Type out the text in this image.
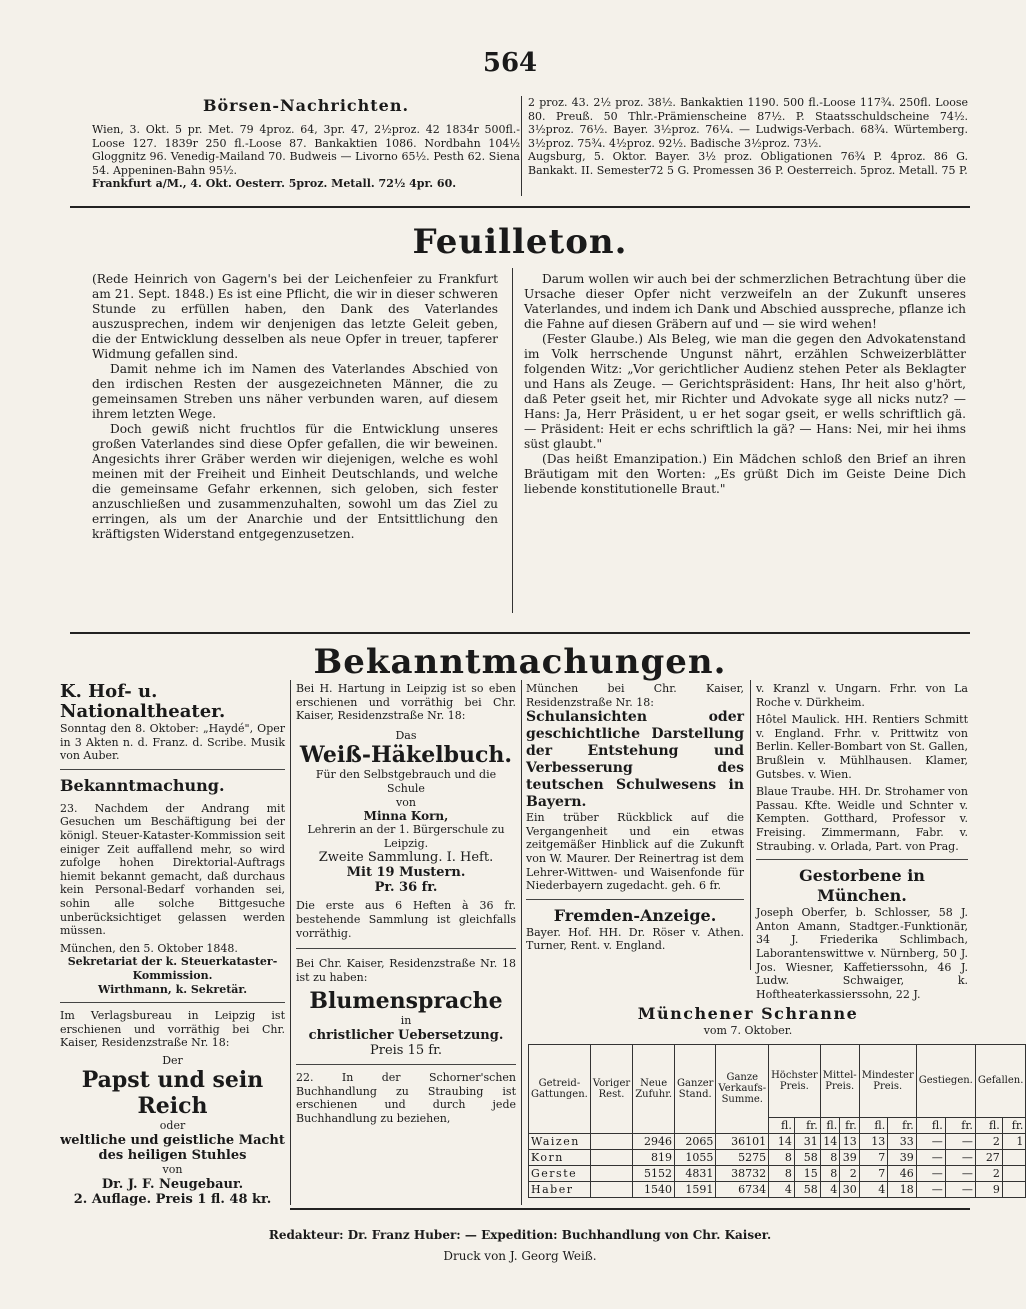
564
Börsen-Nachrichten.
Wien, 3. Okt. 5 pr. Met. 79 4proz. 64, 3pr. 47, 2½proz. 42 1834r 500fl.-Loose 127. 1839r 250 fl.-Loose 87. Bankaktien 1086. Nordbahn 104½ Gloggnitz 96. Venedig-Mailand 70. Budweis — Livorno 65½. Pesth 62. Siena 54. Appeninen-Bahn 95½.
Frankfurt a/M., 4. Okt. Oesterr. 5proz. Metall. 72½ 4pr. 60.
2 proz. 43. 2½ proz. 38½. Bankaktien 1190. 500 fl.-Loose 117¾. 250fl. Loose 80. Preuß. 50 Thlr.-Prämienscheine 87½. P. Staatsschuldscheine 74½. 3½proz. 76½. Bayer. 3½proz. 76¼. — Ludwigs-Verbach. 68¾. Würtemberg. 3½proz. 75¾. 4½proz. 92½. Badische 3½proz. 73½.
Augsburg, 5. Oktor. Bayer. 3½ proz. Obligationen 76¾ P. 4proz. 86 G. Bankakt. II. Semester72 5 G. Promessen 36 P. Oesterreich. 5proz. Metall. 75 P.
Feuilleton.

(Rede Heinrich von Gagern's bei der Leichenfeier zu Frankfurt am 21. Sept. 1848.) Es ist eine Pflicht, die wir in dieser schweren Stunde zu erfüllen haben, den Dank des Vaterlandes auszusprechen, indem wir denjenigen das letzte Geleit geben, die der Entwicklung desselben als neue Opfer in treuer, tapferer Widmung gefallen sind.

Damit nehme ich im Namen des Vaterlandes Abschied von den irdischen Resten der ausgezeichneten Männer, die zu gemeinsamen Streben uns näher verbunden waren, auf diesem ihrem letzten Wege.

Doch gewiß nicht fruchtlos für die Entwicklung unseres großen Vaterlandes sind diese Opfer gefallen, die wir beweinen. Angesichts ihrer Gräber werden wir diejenigen, welche es wohl meinen mit der Freiheit und Einheit Deutschlands, und welche die gemeinsame Gefahr erkennen, sich geloben, sich fester anzuschließen und zusammenzuhalten, sowohl um das Ziel zu erringen, als um der Anarchie und der Entsittlichung den kräftigsten Widerstand entgegenzusetzen.

Darum wollen wir auch bei der schmerzlichen Betrachtung über die Ursache dieser Opfer nicht verzweifeln an der Zukunft unseres Vaterlandes, und indem ich Dank und Abschied ausspreche, pflanze ich die Fahne auf diesen Gräbern auf und — sie wird wehen!

(Fester Glaube.) Als Beleg, wie man die gegen den Advokatenstand im Volk herrschende Ungunst nährt, erzählen Schweizerblätter folgenden Witz: „Vor gerichtlicher Audienz stehen Peter als Beklagter und Hans als Zeuge. — Gerichtspräsident: Hans, Ihr heit also g'hört, daß Peter gseit het, mir Richter und Advokate syge all nicks nutz? — Hans: Ja, Herr Präsident, u er het sogar gseit, er wells schriftlich gä. — Präsident: Heit er echs schriftlich la gä? — Hans: Nei, mir hei ihms süst glaubt."

(Das heißt Emanzipation.) Ein Mädchen schloß den Brief an ihren Bräutigam mit den Worten: „Es grüßt Dich im Geiste Deine Dich liebende konstitutionelle Braut."

Bekanntmachungen.
K. Hof- u. Nationaltheater.
Sonntag den 8. Oktober: „Haydé", Oper in 3 Akten n. d. Franz. d. Scribe. Musik von Auber.
Bekanntmachung.
23. Nachdem der Andrang mit Gesuchen um Beschäftigung bei der königl. Steuer-Kataster-Kommission seit einiger Zeit auffallend mehr, so wird zufolge hohen Direktorial-Auftrags hiemit bekannt gemacht, daß durchaus kein Personal-Bedarf vorhanden sei, sohin alle solche Bittgesuche unberücksichtiget gelassen werden müssen.
München, den 5. Oktober 1848.
Sekretariat der k. Steuerkataster-Kommission.
Wirthmann, k. Sekretär.
Im Verlagsbureau in Leipzig ist erschienen und vorräthig bei Chr. Kaiser, Residenzstraße Nr. 18:
Der
Papst und sein Reich
oder
weltliche und geistliche Macht
des heiligen Stuhles
von
Dr. J. F. Neugebaur.
2. Auflage. Preis 1 fl. 48 kr.
Bei H. Hartung in Leipzig ist so eben erschienen und vorräthig bei Chr. Kaiser, Residenzstraße Nr. 18:
Das
Weiß-Häkelbuch.
Für den Selbstgebrauch und die Schule
von
Minna Korn,
Lehrerin an der 1. Bürgerschule zu Leipzig.
Zweite Sammlung. I. Heft.
Mit 19 Mustern.
Pr. 36 fr.
Die erste aus 6 Heften à 36 fr. bestehende Sammlung ist gleichfalls vorräthig.
Bei Chr. Kaiser, Residenzstraße Nr. 18 ist zu haben:
Blumensprache
in
christlicher Uebersetzung.
Preis 15 fr.
22. In der Schorner'schen Buchhandlung zu Straubing ist erschienen und durch jede Buchhandlung zu beziehen,
München bei Chr. Kaiser, Residenzstraße Nr. 18:
Schulansichten oder geschichtliche Darstellung der Entstehung und Verbesserung des teutschen Schulwesens in Bayern.
Ein trüber Rückblick auf die Vergangenheit und ein etwas zeitgemäßer Hinblick auf die Zukunft von W. Maurer. Der Reinertrag ist dem Lehrer-Wittwen- und Waisenfonde für Niederbayern zugedacht. geh. 6 fr.
Fremden-Anzeige.
Bayer. Hof. HH. Dr. Röser v. Athen. Turner, Rent. v. England.
v. Kranzl v. Ungarn. Frhr. von La Roche v. Dürkheim.
Hôtel Maulick. HH. Rentiers Schmitt v. England. Frhr. v. Prittwitz von Berlin. Keller-Bombart von St. Gallen, Brußlein v. Mühlhausen. Klamer, Gutsbes. v. Wien.
Blaue Traube. HH. Dr. Strohamer von Passau. Kfte. Weidle und Schnter v. Kempten. Gotthard, Professor v. Freising. Zimmermann, Fabr. v. Straubing. v. Orlada, Part. von Prag.
Gestorbene in München.
Joseph Oberfer, b. Schlosser, 58 J. Anton Amann, Stadtger.-Funktionär, 34 J. Friederika Schlimbach, Laborantenswittwe v. Nürnberg, 50 J. Jos. Wiesner, Kaffetierssohn, 46 J. Ludw. Schwaiger, k. Hoftheaterkassierssohn, 22 J.
Münchener Schranne
vom 7. Oktober.
Getreid-Gattungen.	Voriger Rest.	Neue Zufuhr.	Ganzer Stand.	Ganze Verkaufs-Summe.	Höchster Preis.		Mittel-Preis.		Mindester Preis.		Gestiegen.		Gefallen.	
					fl.	fr.	fl.	fr.	fl.	fr.	fl.	fr.	fl.	fr.
Waizen		2946	2065	36101	14	31	14	13	13	33	—	—	2	1
Korn		819	1055	5275	8	58	8	39	7	39	—	—	27	
Gerste		5152	4831	38732	8	15	8	2	7	46	—	—	2	
Haber		1540	1591	6734	4	58	4	30	4	18	—	—	9	
Redakteur: Dr. Franz Huber: — Expedition: Buchhandlung von Chr. Kaiser.
Druck von J. Georg Weiß.
